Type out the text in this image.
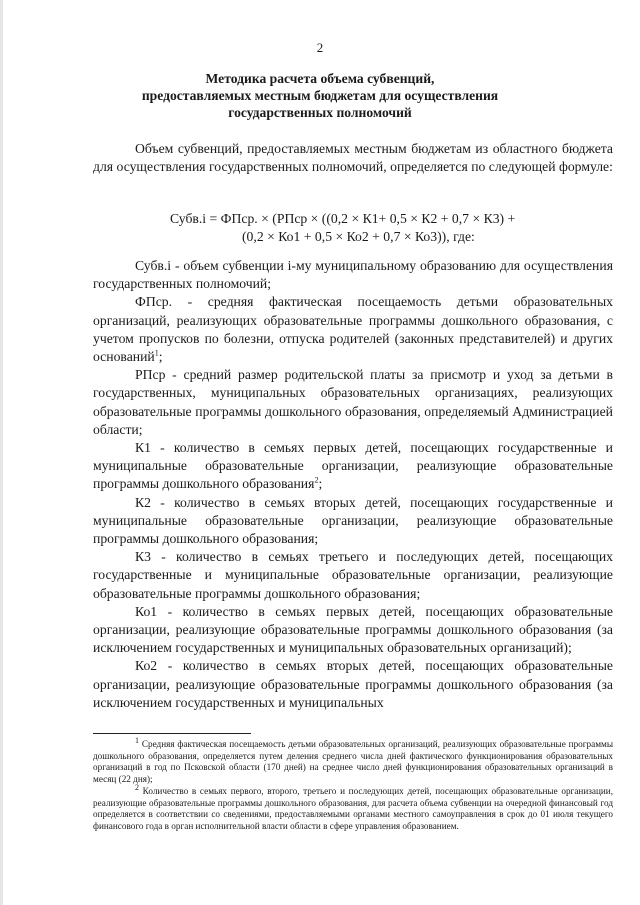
2
Методика расчета объема субвенций,
предоставляемых местным бюджетам для осуществления
государственных полномочий

Объем субвенций, предоставляемых местным бюджетам из областного бюджета для осуществления государственных полномочий, определяется по следующей формуле:

Субв.i = ФПср. × (РПср × ((0,2 × К1+ 0,5 × К2 + 0,7 × К3) +
(0,2 × Ко1 + 0,5 × Ко2 + 0,7 × Ко3)), где:

Субв.i - объем субвенции i-му муниципальному образованию для осуществления государственных полномочий;

ФПср. - средняя фактическая посещаемость детьми образовательных организаций, реализующих образовательные программы дошкольного образования, с учетом пропусков по болезни, отпуска родителей (законных представителей) и других оснований$^1$;

РПср - средний размер родительской платы за присмотр и уход за детьми в государственных, муниципальных образовательных организациях, реализующих образовательные программы дошкольного образования, определяемый Администрацией области;

К1 - количество в семьях первых детей, посещающих государственные и муниципальные образовательные организации, реализующие образовательные программы дошкольного образования$^2$;

К2 - количество в семьях вторых детей, посещающих государственные и муниципальные образовательные организации, реализующие образовательные программы дошкольного образования;

К3 - количество в семьях третьего и последующих детей, посещающих государственные и муниципальные образовательные организации, реализующие образовательные программы дошкольного образования;

Ко1 - количество в семьях первых детей, посещающих образовательные организации, реализующие образовательные программы дошкольного образования (за исключением государственных и муниципальных образовательных организаций);

Ко2 - количество в семьях вторых детей, посещающих образовательные организации, реализующие образовательные программы дошкольного образования (за исключением государственных и муниципальных

$^1$ Средняя фактическая посещаемость детьми образовательных организаций, реализующих образовательные программы дошкольного образования, определяется путем деления среднего числа дней фактического функционирования образовательных организаций в год по Псковской области (170 дней) на среднее число дней функционирования образовательных организаций в месяц (22 дня);

$^2$ Количество в семьях первого, второго, третьего и последующих детей, посещающих образовательные организации, реализующие образовательные программы дошкольного образования, для расчета объема субвенции на очередной финансовый год определяется в соответствии со сведениями, предоставляемыми органами местного самоуправления в срок до 01 июля текущего финансового года в орган исполнительной власти области в сфере управления образованием.
